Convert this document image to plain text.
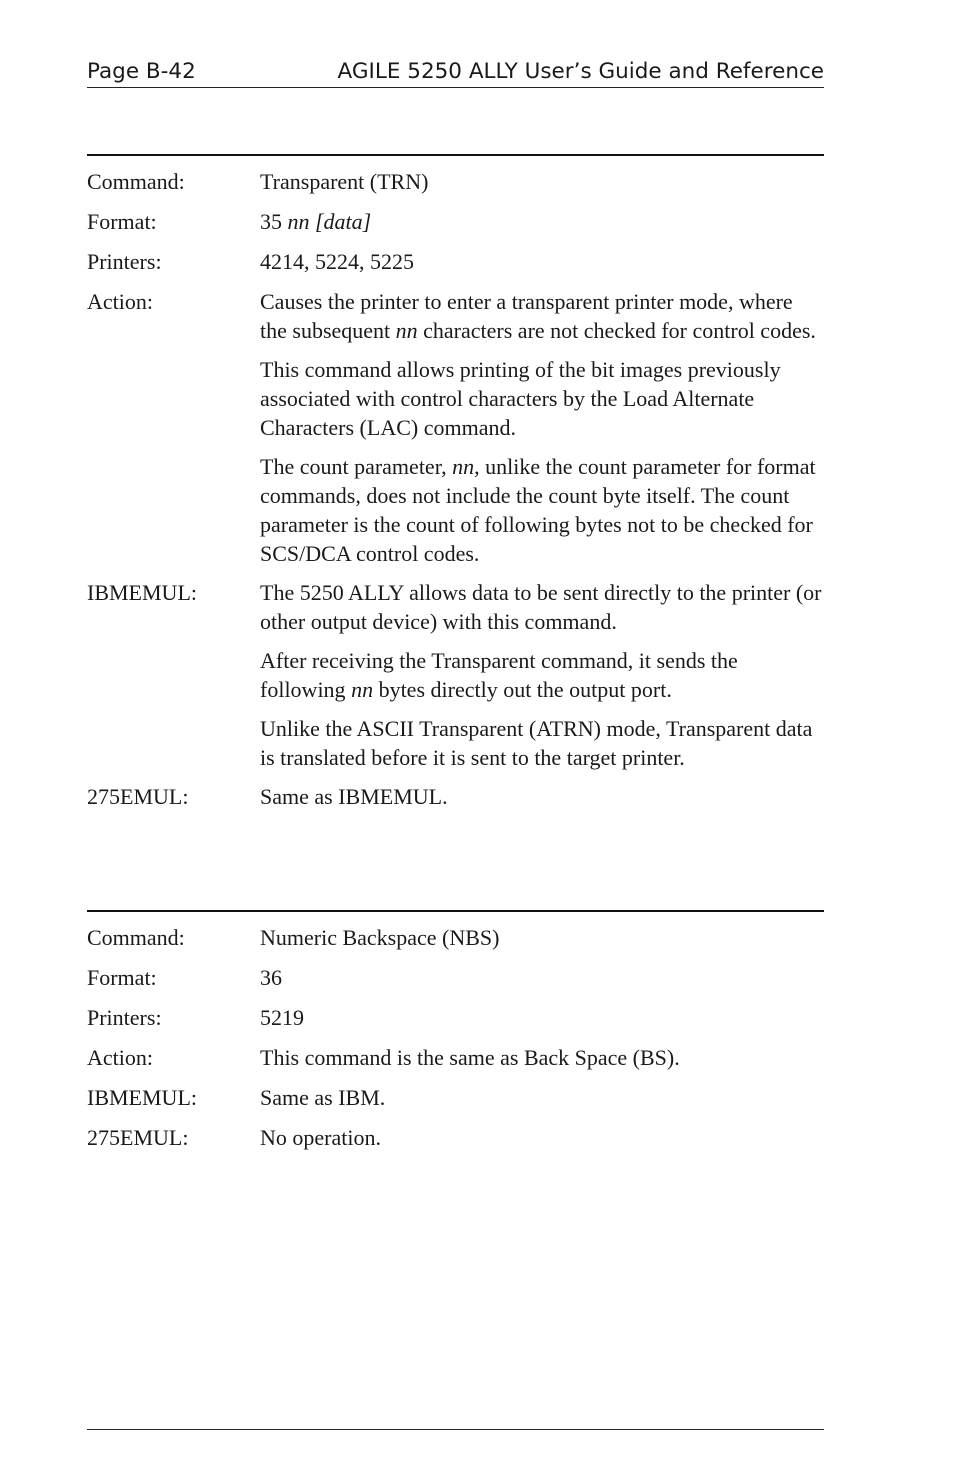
Page B-42	AGILE 5250 ALLY User’s Guide and Reference
Command:	Transparent (TRN)
Format:	35 nn [data]
Printers:	4214, 5224, 5225
Action:	Causes the printer to enter a transparent printer mode, where the subsequent nn characters are not checked for control codes.

This command allows printing of the bit images previously associated with control characters by the Load Alternate Characters (LAC) command.

The count parameter, nn, unlike the count parameter for format commands, does not include the count byte itself. The count parameter is the count of following bytes not to be checked for SCS/DCA control codes.

IBMEMUL:	The 5250 ALLY allows data to be sent directly to the printer (or other output device) with this command.

After receiving the Transparent command, it sends the following nn bytes directly out the output port.

Unlike the ASCII Transparent (ATRN) mode, Transparent data is translated before it is sent to the target printer.

275EMUL:	Same as IBMEMUL.
Command:	Numeric Backspace (NBS)
Format:	36
Printers:	5219
Action:	This command is the same as Back Space (BS).
IBMEMUL:	Same as IBM.
275EMUL:	No operation.
